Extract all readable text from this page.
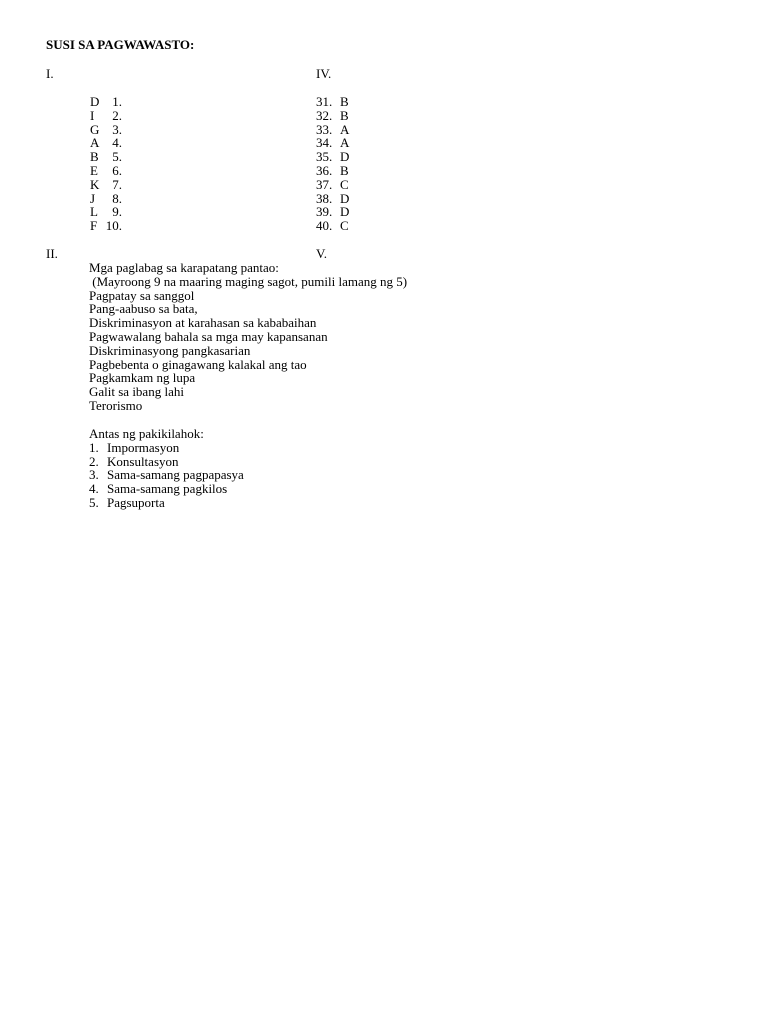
SUSI SA PAGWAWASTO:
I.
1.
D
2.
I
3.
G
4.
A
5.
B
6.
E
7.
K
8.
J
9.
L
10.
F
IV.
31. B
32. B
33. A
34. A
35. D
36. B
37. C
38. D
39. D
40. C
II.	V.
Mga paglabag sa karapatang pantao:
(Mayroong 9 na maaring maging sagot, pumili lamang ng 5)
Pagpatay sa sanggol
Pang-aabuso sa bata,
Diskriminasyon at karahasan sa kababaihan
Pagwawalang bahala sa mga may kapansanan
Diskriminasyong pangkasarian
Pagbebenta o ginagawang kalakal ang tao
Pagkamkam ng lupa
Galit sa ibang lahi
Terorismo
Antas ng pakikilahok:
1. Impormasyon
2. Konsultasyon
3. Sama-samang pagpapasya
4. Sama-samang pagkilos
5. Pagsuporta
